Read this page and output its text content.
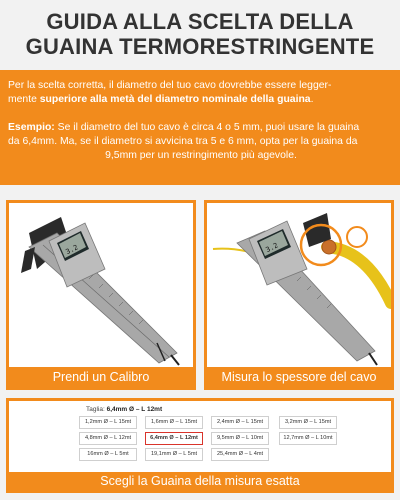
GUIDA ALLA SCELTA DELLA
GUAINA TERMORESTRINGENTE

Per la scelta corretta, il diametro del tuo cavo dovrebbe essere legger-
mente superiore alla metà del diametro nominale della guaina.

Esempio: Se il diametro del tuo cavo è circa 4 o 5 mm, puoi usare la guaina
da 6,4mm. Ma, se il diametro si avvicina tra 5 e 6 mm, opta per la guaina da

9,5mm per un restringimento più agevole.

3.2
Prendi un Calibro
3.2
Misura lo spessore del cavo
Taglia: 6,4mm Ø – L 12mt
1,2mm Ø – L 15mt	1,6mm Ø – L 15mt	2,4mm Ø – L 15mt	3,2mm Ø – L 15mt
4,8mm Ø – L 12mt	6,4mm Ø – L 12mt	9,5mm Ø – L 10mt	12,7mm Ø – L 10mt
16mm Ø – L 5mt	19,1mm Ø – L 5mt	25,4mm Ø – L 4mt
Scegli la Guaina della misura esatta
